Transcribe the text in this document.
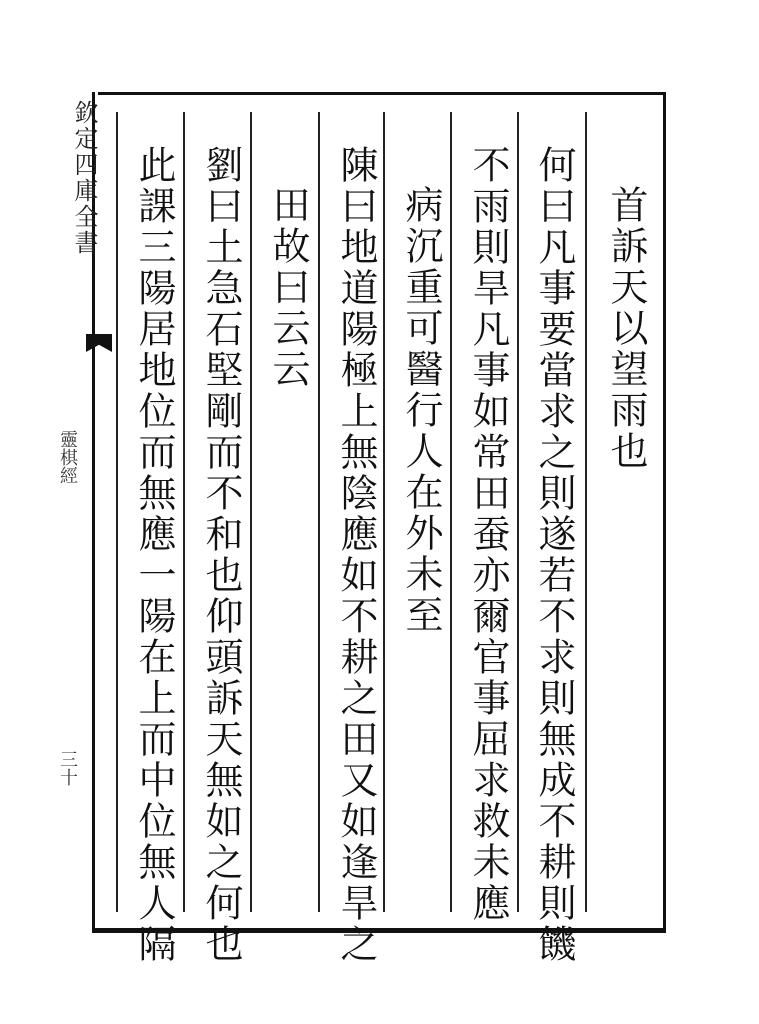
欽定四庫全書
靈棋經
三十
首訴天以望雨也
何曰凡事要當求之則遂若不求則無成不耕則饑
不雨則旱凡事如常田蚕亦爾官事屈求救未應
病沉重可醫行人在外未至
陳曰地道陽極上無陰應如不耕之田又如逢旱之
田故曰云云
劉曰土急石堅剛而不和也仰頭訴天無如之何也
此課三陽居地位而無應一陽在上而中位無人隔
